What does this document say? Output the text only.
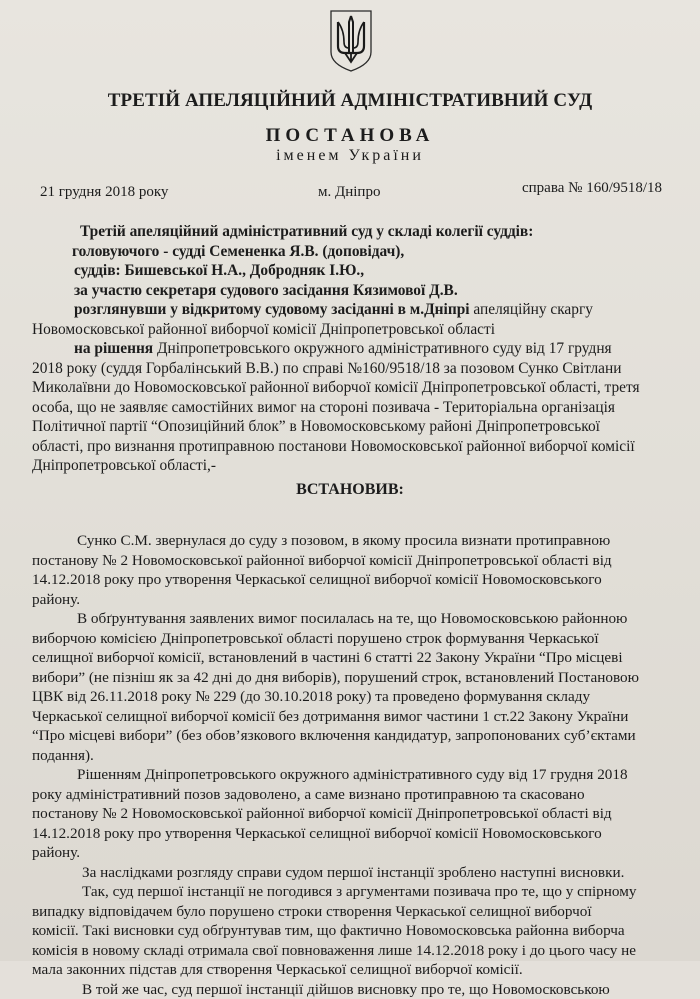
ТРЕТІЙ АПЕЛЯЦІЙНИЙ АДМІНІСТРАТИВНИЙ СУД
ПОСТАНОВА
іменем України
21 грудня 2018 року	м. Дніпро	справа № 160/9518/18
Третій апеляційний адміністративний суд у складі колегії суддів:
головуючого - судді Семененка Я.В. (доповідач),
суддів: Бишевської Н.А., Добродняк І.Ю.,
за участю секретаря судового засідання Кязимової Д.В.
розглянувши у відкритому судовому засіданні в м.Дніпрі апеляційну скаргу
Новомосковської районної виборчої комісії Дніпропетровської області
на рішення Дніпропетровського окружного адміністративного суду від 17 грудня
2018 року (суддя Горбалінський В.В.) по справі №160/9518/18 за позовом Сунко Світлани
Миколаївни до Новомосковської районної виборчої комісії Дніпропетровської області, третя
особа, що не заявляє самостійних вимог на стороні позивача - Територіальна організація
Політичної партії “Опозиційний блок” в Новомосковському районі Дніпропетровської
області, про визнання протиправною постанови Новомосковської районної виборчої комісії
Дніпропетровської області,-
ВСТАНОВИВ:
Сунко С.М. звернулася до суду з позовом, в якому просила визнати протиправною
постанову № 2 Новомосковської районної виборчої комісії Дніпропетровської області від
14.12.2018 року про утворення Черкаської селищної виборчої комісії Новомосковського
району.
В обґрунтування заявлених вимог посилалась на те, що Новомосковською районною
виборчою комісією Дніпропетровської області порушено строк формування Черкаської
селищної виборчої комісії, встановлений в частині 6 статті 22 Закону України “Про місцеві
вибори” (не пізніш як за 42 дні до дня виборів), порушений строк, встановлений Постановою
ЦВК від 26.11.2018 року № 229 (до 30.10.2018 року) та проведено формування складу
Черкаської селищної виборчої комісії без дотримання вимог частини 1 ст.22 Закону України
“Про місцеві вибори” (без обов’язкового включення кандидатур, запропонованих суб’єктами
подання).
Рішенням Дніпропетровського окружного адміністративного суду від 17 грудня 2018
року адміністративний позов задоволено, а саме визнано протиправною та скасовано
постанову № 2 Новомосковської районної виборчої комісії Дніпропетровської області від
14.12.2018 року про утворення Черкаської селищної виборчої комісії Новомосковського
району.
За наслідками розгляду справи судом першої інстанції зроблено наступні висновки.
Так, суд першої інстанції не погодився з аргументами позивача про те, що у спірному
випадку відповідачем було порушено строки створення Черкаської селищної виборчої
комісії. Такі висновки суд обґрунтував тим, що фактично Новомосковська районна виборча
комісія в новому складі отримала свої повноваження лише 14.12.2018 року і до цього часу не
мала законних підстав для створення Черкаської селищної виборчої комісії.
В той же час, суд першої інстанції дійшов висновку про те, що Новомосковською
